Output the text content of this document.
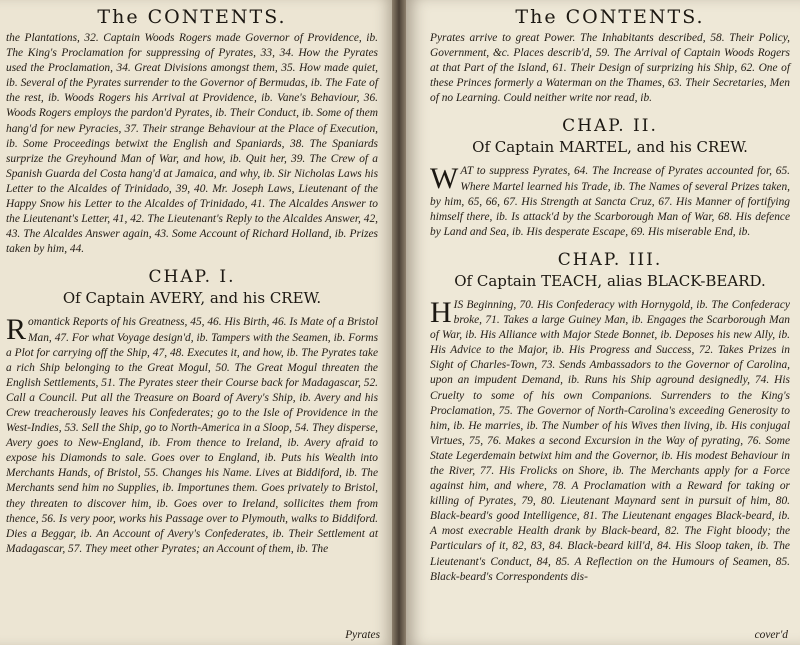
The CONTENTS.

the Plantations, 32. Captain Woods Rogers made Governor of Providence, ib. The King's Proclamation for suppressing of Pyrates, 33, 34. How the Pyrates used the Proclamation, 34. Great Divisions amongst them, 35. How made quiet, ib. Several of the Pyrates surrender to the Governor of Bermudas, ib. The Fate of the rest, ib. Woods Rogers his Arrival at Providence, ib. Vane's Behaviour, 36. Woods Rogers employs the pardon'd Pyrates, ib. Their Conduct, ib. Some of them hang'd for new Pyracies, 37. Their strange Behaviour at the Place of Execution, ib. Some Proceedings betwixt the English and Spaniards, 38. The Spaniards surprize the Greyhound Man of War, and how, ib. Quit her, 39. The Crew of a Spanish Guarda del Costa hang'd at Jamaica, and why, ib. Sir Nicholas Laws his Letter to the Alcaldes of Trinidado, 39, 40. Mr. Joseph Laws, Lieutenant of the Happy Snow his Letter to the Alcaldes of Trinidado, 41. The Alcaldes Answer to the Lieutenant's Letter, 41, 42. The Lieutenant's Reply to the Alcaldes Answer, 42, 43. The Alcaldes Answer again, 43. Some Account of Richard Holland, ib. Prizes taken by him, 44.

CHAP. I.
Of Captain AVERY, and his CREW.

Romantick Reports of his Greatness, 45, 46. His Birth, 46. Is Mate of a Bristol Man, 47. For what Voyage design'd, ib. Tampers with the Seamen, ib. Forms a Plot for carrying off the Ship, 47, 48. Executes it, and how, ib. The Pyrates take a rich Ship belonging to the Great Mogul, 50. The Great Mogul threaten the English Settlements, 51. The Pyrates steer their Course back for Madagascar, 52. Call a Council. Put all the Treasure on Board of Avery's Ship, ib. Avery and his Crew treacherously leaves his Confederates; go to the Isle of Providence in the West-Indies, 53. Sell the Ship, go to North-America in a Sloop, 54. They disperse, Avery goes to New-England, ib. From thence to Ireland, ib. Avery afraid to expose his Diamonds to sale. Goes over to England, ib. Puts his Wealth into Merchants Hands, of Bristol, 55. Changes his Name. Lives at Biddiford, ib. The Merchants send him no Supplies, ib. Importunes them. Goes privately to Bristol, they threaten to discover him, ib. Goes over to Ireland, sollicites them from thence, 56. Is very poor, works his Passage over to Plymouth, walks to Biddiford. Dies a Beggar, ib. An Account of Avery's Confederates, ib. Their Settlement at Madagascar, 57. They meet other Pyrates; an Account of them, ib. The

Pyrates
The CONTENTS.

Pyrates arrive to great Power. The Inhabitants described, 58. Their Policy, Government, &c. Places describ'd, 59. The Arrival of Captain Woods Rogers at that Part of the Island, 61. Their Design of surprizing his Ship, 62. One of these Princes formerly a Waterman on the Thames, 63. Their Secretaries, Men of no Learning. Could neither write nor read, ib.

CHAP. II.
Of Captain MARTEL, and his CREW.

WAT to suppress Pyrates, 64. The Increase of Pyrates accounted for, 65. Where Martel learned his Trade, ib. The Names of several Prizes taken, by him, 65, 66, 67. His Strength at Sancta Cruz, 67. His Manner of fortifying himself there, ib. Is attack'd by the Scarborough Man of War, 68. His defence by Land and Sea, ib. His desperate Escape, 69. His miserable End, ib.

CHAP. III.
Of Captain TEACH, alias BLACK-BEARD.

HIS Beginning, 70. His Confederacy with Hornygold, ib. The Confederacy broke, 71. Takes a large Guiney Man, ib. Engages the Scarborough Man of War, ib. His Alliance with Major Stede Bonnet, ib. Deposes his new Ally, ib. His Advice to the Major, ib. His Progress and Success, 72. Takes Prizes in Sight of Charles-Town, 73. Sends Ambassadors to the Governor of Carolina, upon an impudent Demand, ib. Runs his Ship aground designedly, 74. His Cruelty to some of his own Companions. Surrenders to the King's Proclamation, 75. The Governor of North-Carolina's exceeding Generosity to him, ib. He marries, ib. The Number of his Wives then living, ib. His conjugal Virtues, 75, 76. Makes a second Excursion in the Way of pyrating, 76. Some State Legerdemain betwixt him and the Governor, ib. His modest Behaviour in the River, 77. His Frolicks on Shore, ib. The Merchants apply for a Force against him, and where, 78. A Proclamation with a Reward for taking or killing of Pyrates, 79, 80. Lieutenant Maynard sent in pursuit of him, 80. Black-beard's good Intelligence, 81. The Lieutenant engages Black-beard, ib. A most execrable Health drank by Black-beard, 82. The Fight bloody; the Particulars of it, 82, 83, 84. Black-beard kill'd, 84. His Sloop taken, ib. The Lieutenant's Conduct, 84, 85. A Reflection on the Humours of Seamen, 85. Black-beard's Correspondents dis-

cover'd
